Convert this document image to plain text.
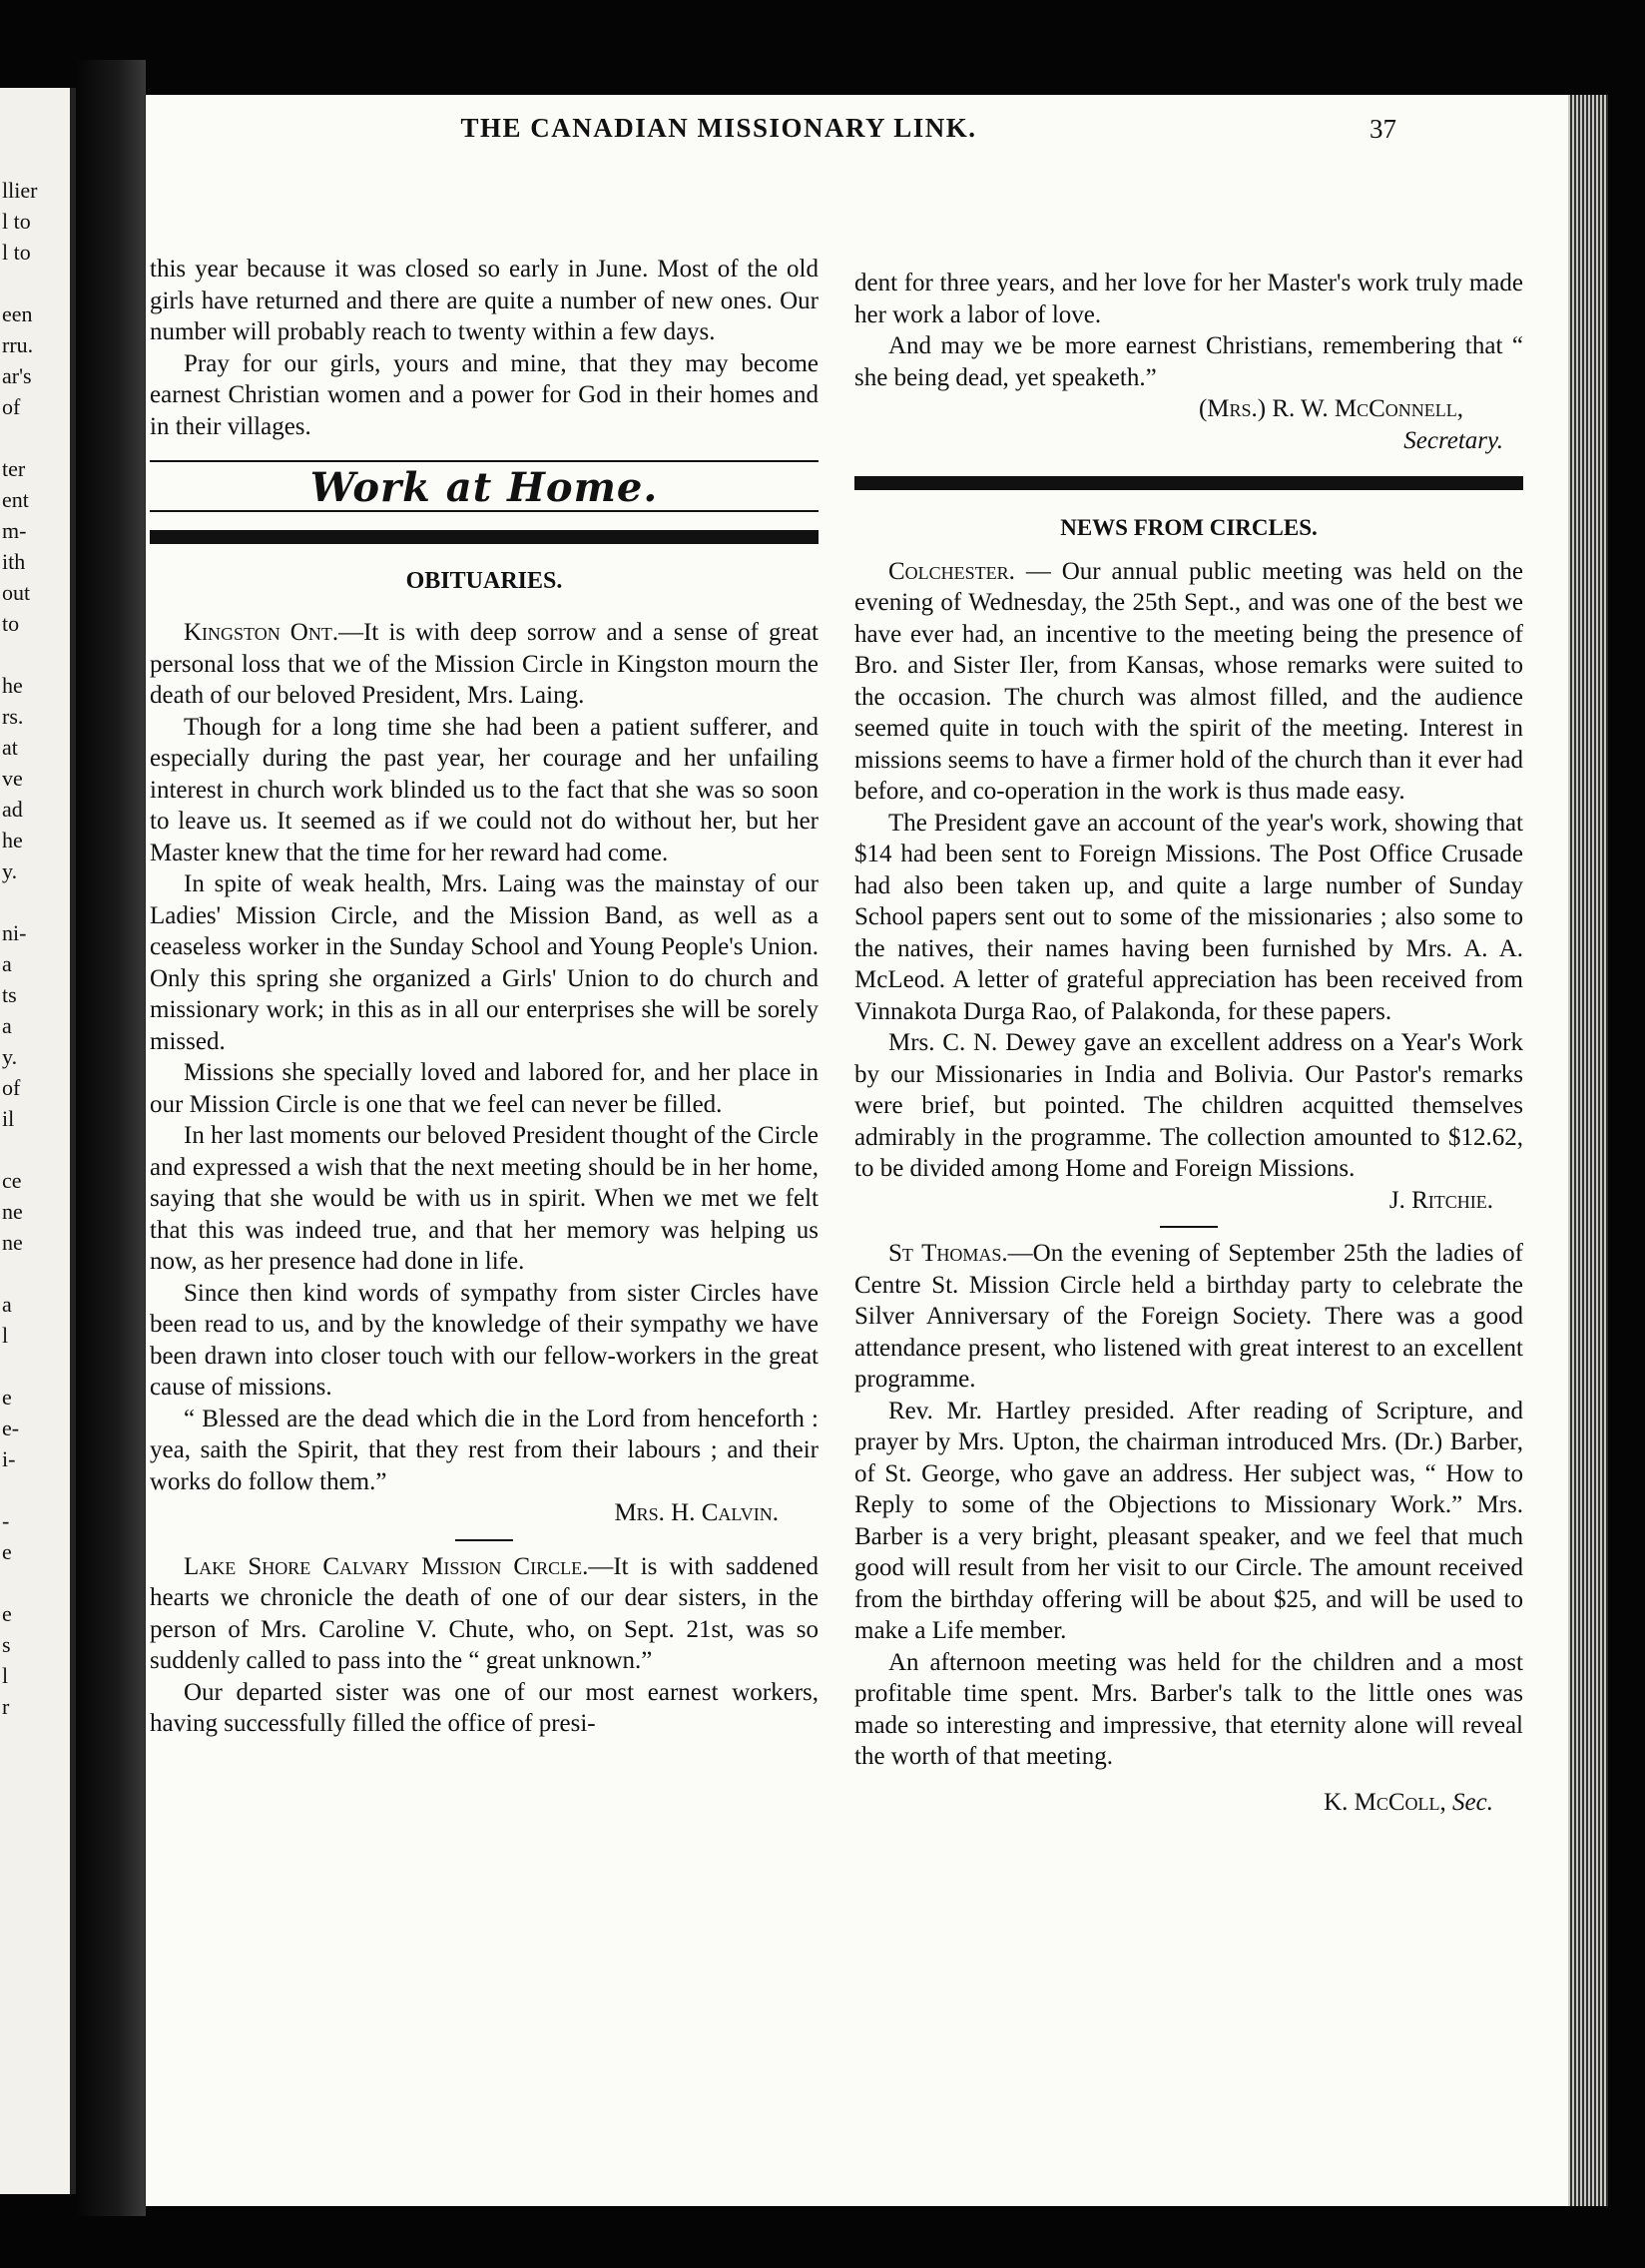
llier
l to
l to
een
rru.
ar's
of
ter
ent
m-
ith
out
to
he
rs.
at
ve
ad
he
y.
ni-
a
ts
a
y.
of
il
ce
ne
ne
a
l
e
e-
i-
-
e
e
s
l
r
THE CANADIAN MISSIONARY LINK.	37

this year because it was closed so early in June. Most of the old girls have returned and there are quite a number of new ones. Our number will probably reach to twenty within a few days.

Pray for our girls, yours and mine, that they may become earnest Christian women and a power for God in their homes and in their villages.

Work at Home.
OBITUARIES.

Kingston Ont.—It is with deep sorrow and a sense of great personal loss that we of the Mission Circle in Kingston mourn the death of our beloved President, Mrs. Laing.

Though for a long time she had been a patient sufferer, and especially during the past year, her courage and her unfailing interest in church work blinded us to the fact that she was so soon to leave us. It seemed as if we could not do without her, but her Master knew that the time for her reward had come.

In spite of weak health, Mrs. Laing was the mainstay of our Ladies' Mission Circle, and the Mission Band, as well as a ceaseless worker in the Sunday School and Young People's Union. Only this spring she organized a Girls' Union to do church and missionary work; in this as in all our enterprises she will be sorely missed.

Missions she specially loved and labored for, and her place in our Mission Circle is one that we feel can never be filled.

In her last moments our beloved President thought of the Circle and expressed a wish that the next meeting should be in her home, saying that she would be with us in spirit. When we met we felt that this was indeed true, and that her memory was helping us now, as her presence had done in life.

Since then kind words of sympathy from sister Circles have been read to us, and by the knowledge of their sympathy we have been drawn into closer touch with our fellow-workers in the great cause of missions.

“ Blessed are the dead which die in the Lord from henceforth : yea, saith the Spirit, that they rest from their labours ; and their works do follow them.”

Mrs. H. Calvin.

Lake Shore Calvary Mission Circle.—It is with saddened hearts we chronicle the death of one of our dear sisters, in the person of Mrs. Caroline V. Chute, who, on Sept. 21st, was so suddenly called to pass into the “ great unknown.”

Our departed sister was one of our most earnest workers, having successfully filled the office of presi-

dent for three years, and her love for her Master's work truly made her work a labor of love.

And may we be more earnest Christians, remembering that “ she being dead, yet speaketh.”

(Mrs.) R. W. McConnell,

Secretary.

NEWS FROM CIRCLES.

Colchester. — Our annual public meeting was held on the evening of Wednesday, the 25th Sept., and was one of the best we have ever had, an incentive to the meeting being the presence of Bro. and Sister Iler, from Kansas, whose remarks were suited to the occasion. The church was almost filled, and the audience seemed quite in touch with the spirit of the meeting. Interest in missions seems to have a firmer hold of the church than it ever had before, and co-operation in the work is thus made easy.

The President gave an account of the year's work, showing that $14 had been sent to Foreign Missions. The Post Office Crusade had also been taken up, and quite a large number of Sunday School papers sent out to some of the missionaries ; also some to the natives, their names having been furnished by Mrs. A. A. McLeod. A letter of grateful appreciation has been received from Vinnakota Durga Rao, of Palakonda, for these papers.

Mrs. C. N. Dewey gave an excellent address on a Year's Work by our Missionaries in India and Bolivia. Our Pastor's remarks were brief, but pointed. The children acquitted themselves admirably in the programme. The collection amounted to $12.62, to be divided among Home and Foreign Missions.

J. Ritchie.

St Thomas.—On the evening of September 25th the ladies of Centre St. Mission Circle held a birthday party to celebrate the Silver Anniversary of the Foreign Society. There was a good attendance present, who listened with great interest to an excellent programme.

Rev. Mr. Hartley presided. After reading of Scripture, and prayer by Mrs. Upton, the chairman introduced Mrs. (Dr.) Barber, of St. George, who gave an address. Her subject was, “ How to Reply to some of the Objections to Missionary Work.” Mrs. Barber is a very bright, pleasant speaker, and we feel that much good will result from her visit to our Circle. The amount received from the birthday offering will be about $25, and will be used to make a Life member.

An afternoon meeting was held for the children and a most profitable time spent. Mrs. Barber's talk to the little ones was made so interesting and impressive, that eternity alone will reveal the worth of that meeting.

K. McColl, Sec.
